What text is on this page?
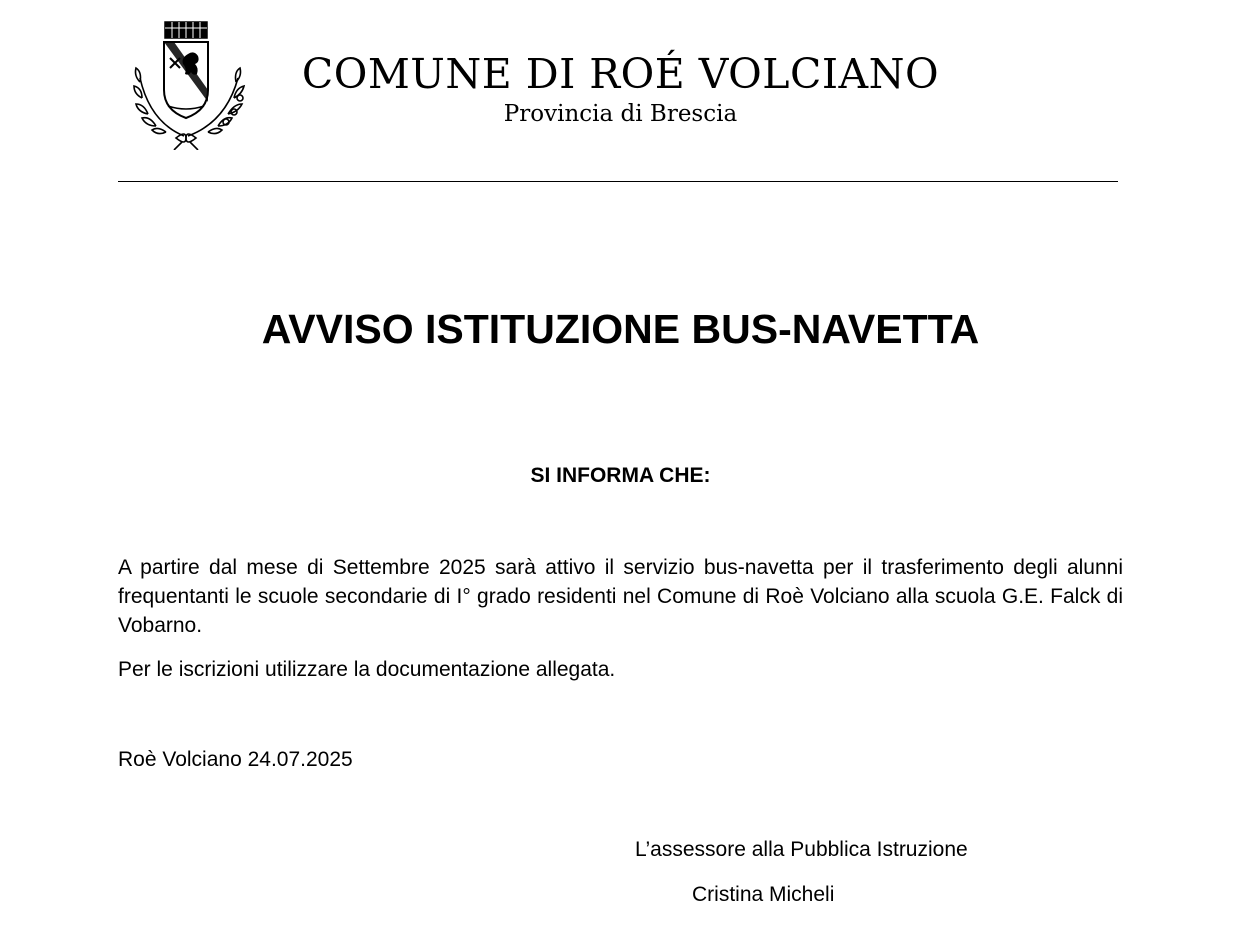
COMUNE DI ROÉ VOLCIANO

Provincia di Brescia

AVVISO ISTITUZIONE BUS-NAVETTA

SI INFORMA CHE:

A partire dal mese di Settembre 2025 sarà attivo il servizio bus-navetta per il trasferimento degli alunni frequentanti le scuole secondarie di I° grado residenti nel Comune di Roè Volciano alla scuola G.E. Falck di Vobarno.

Per le iscrizioni utilizzare la documentazione allegata.

Roè Volciano 24.07.2025

L’assessore alla Pubblica Istruzione

Cristina Micheli
